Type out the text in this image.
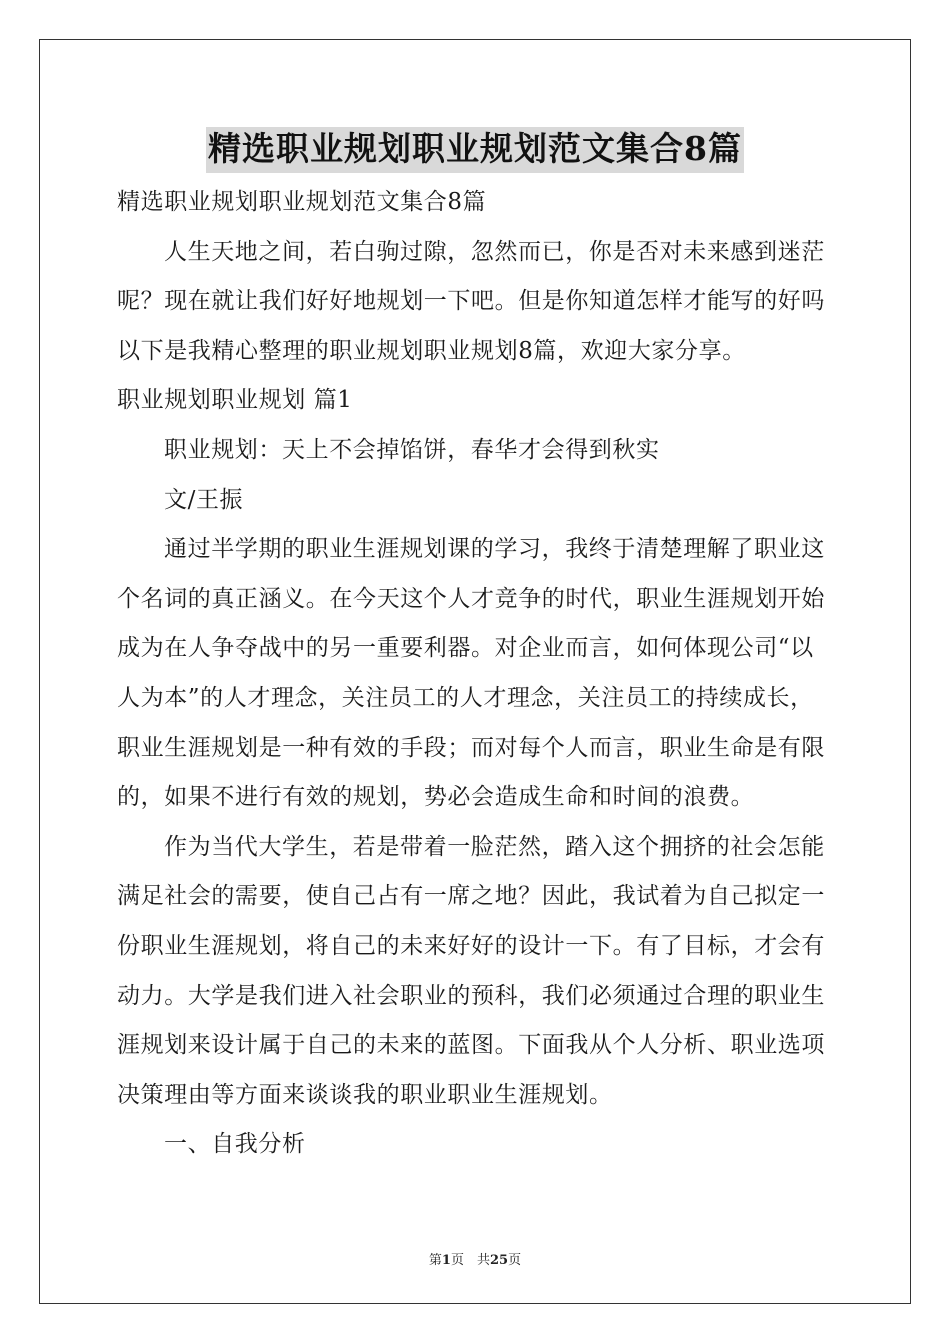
精选职业规划职业规划范文集合8篇

精选职业规划职业规划范文集合8篇

人生天地之间，若白驹过隙，忽然而已，你是否对未来感到迷茫

呢？现在就让我们好好地规划一下吧。但是你知道怎样才能写的好吗

以下是我精心整理的职业规划职业规划8篇，欢迎大家分享。

职业规划职业规划 篇1

职业规划：天上不会掉馅饼，春华才会得到秋实

文/王振

通过半学期的职业生涯规划课的学习，我终于清楚理解了职业这

个名词的真正涵义。在今天这个人才竞争的时代，职业生涯规划开始

成为在人争夺战中的另一重要利器。对企业而言，如何体现公司“以

人为本”的人才理念，关注员工的人才理念，关注员工的持续成长，

职业生涯规划是一种有效的手段；而对每个人而言，职业生命是有限

的，如果不进行有效的规划，势必会造成生命和时间的浪费。

作为当代大学生，若是带着一脸茫然，踏入这个拥挤的社会怎能

满足社会的需要，使自己占有一席之地？因此，我试着为自己拟定一

份职业生涯规划，将自己的未来好好的设计一下。有了目标，才会有

动力。大学是我们进入社会职业的预科，我们必须通过合理的职业生

涯规划来设计属于自己的未来的蓝图。下面我从个人分析、职业选项

决策理由等方面来谈谈我的职业职业生涯规划。

一、自我分析

第1页　共25页
